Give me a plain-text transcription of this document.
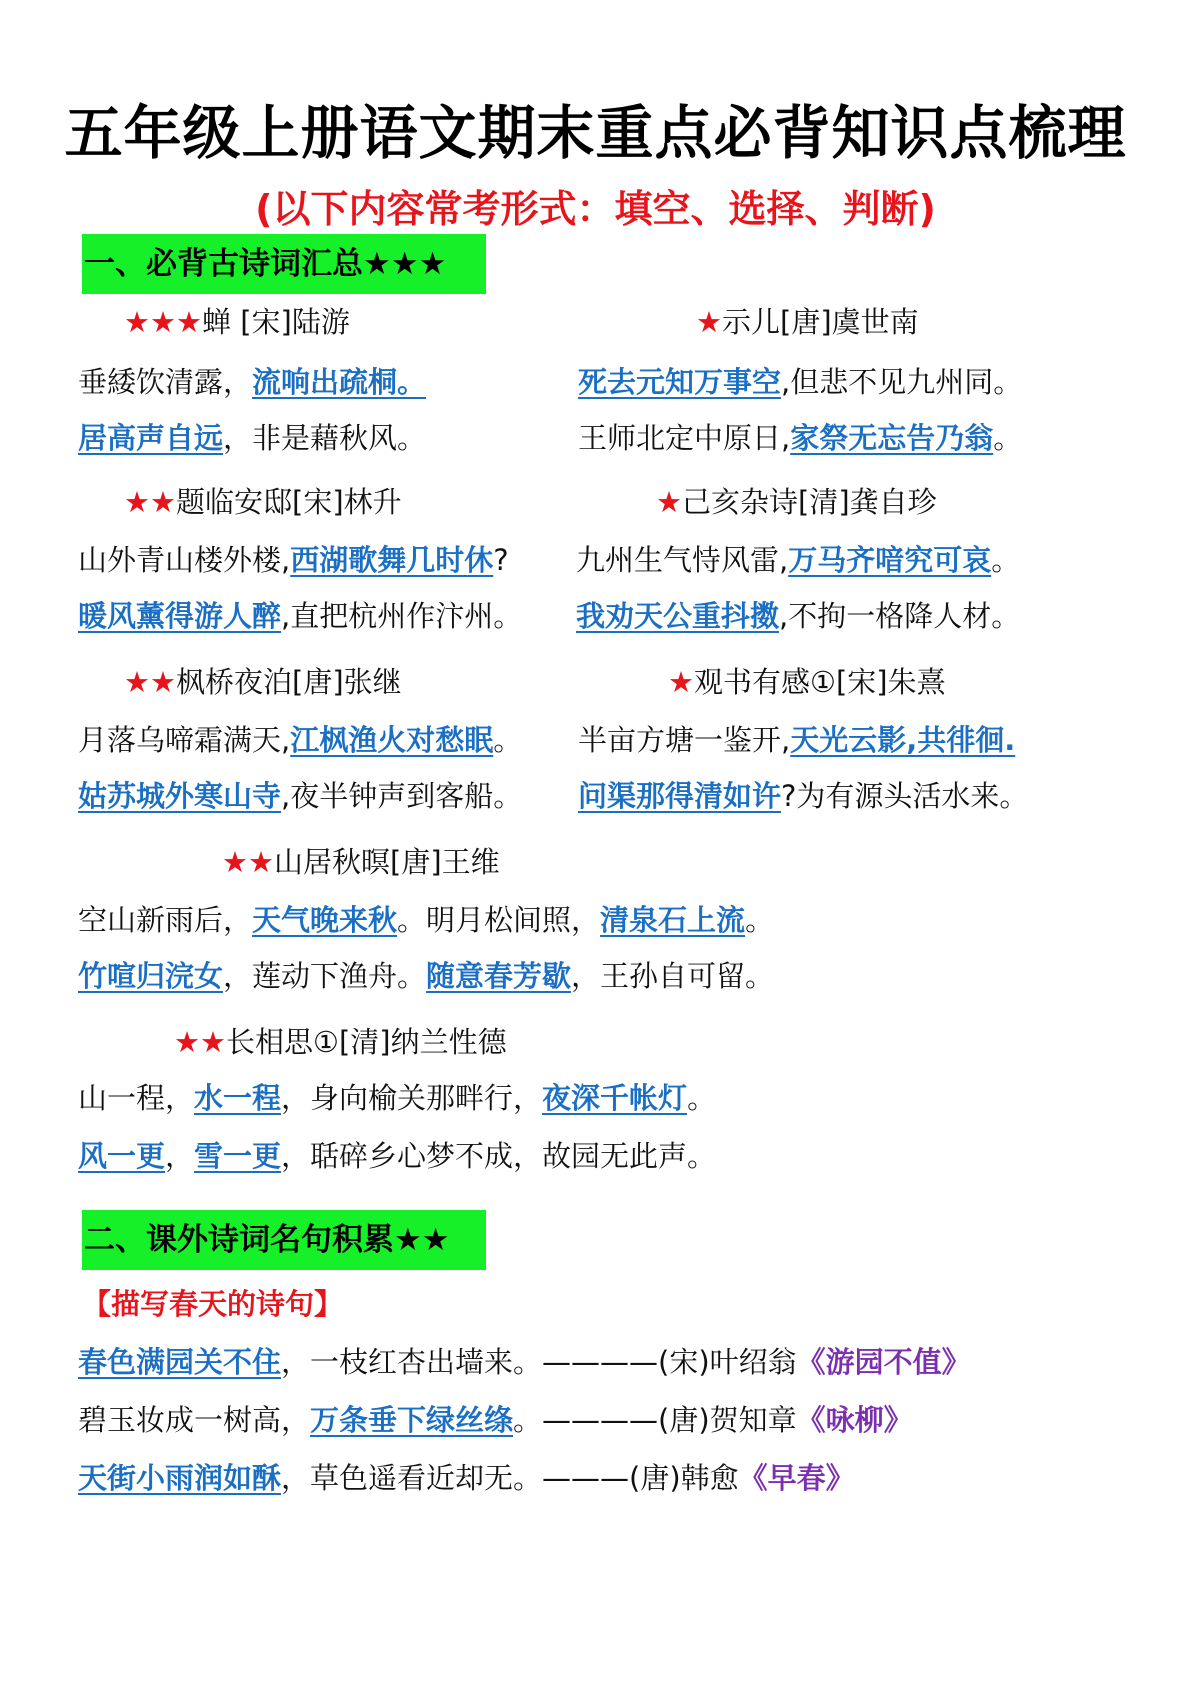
五年级上册语文期末重点必背知识点梳理
(以下内容常考形式：填空、选择、判断)
一、必背古诗词汇总★★★
★★★蝉 [宋]陆游
垂緌饮清露，流响出疏桐。
居高声自远，非是藉秋风。
★示儿[唐]虞世南
死去元知万事空,但悲不见九州同。
王师北定中原日,家祭无忘告乃翁。
★★题临安邸[宋]林升
山外青山楼外楼,西湖歌舞几时休?
暖风薰得游人醉,直把杭州作汴州。
★己亥杂诗[清]龚自珍
九州生气恃风雷,万马齐喑究可哀。
我劝天公重抖擞,不拘一格降人材。
★★枫桥夜泊[唐]张继
月落乌啼霜满天,江枫渔火对愁眠。
姑苏城外寒山寺,夜半钟声到客船。
★观书有感①[宋]朱熹
半亩方塘一鉴开,天光云影,共徘徊.
问渠那得清如许?为有源头活水来。
★★山居秋暝[唐]王维
空山新雨后，天气晚来秋。明月松间照，清泉石上流。
竹喧归浣女，莲动下渔舟。随意春芳歇，王孙自可留。
★★长相思①[清]纳兰性德
山一程，水一程，身向榆关那畔行，夜深千帐灯。
风一更，雪一更，聒碎乡心梦不成，故园无此声。
二、课外诗词名句积累★★
【描写春天的诗句】
春色满园关不住，一枝红杏出墙来。————(宋)叶绍翁《游园不值》
碧玉妆成一树高，万条垂下绿丝绦。————(唐)贺知章《咏柳》
天街小雨润如酥，草色遥看近却无。———(唐)韩愈《早春》
